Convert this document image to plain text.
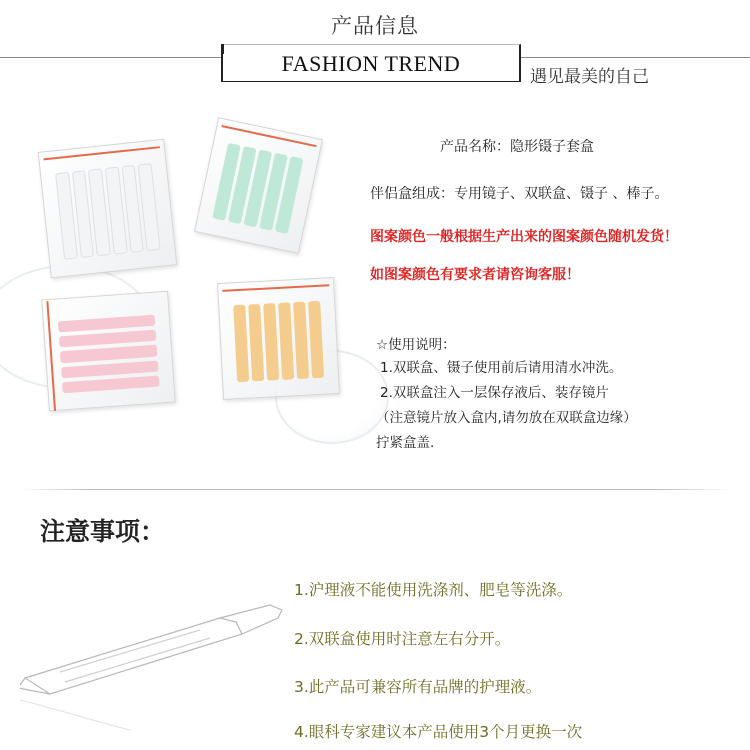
产品信息
FASHION TREND
遇见最美的自己
产品名称：隐形镊子套盒
伴侣盒组成：专用镜子、双联盒、镊子 、棒子。
图案颜色一般根据生产出来的图案颜色随机发货！
如图案颜色有要求者请咨询客服！
☆使用说明：
1.双联盒、镊子使用前后请用清水冲洗。
2.双联盒注入一层保存液后、装存镜片
（注意镜片放入盒内,请勿放在双联盒边缘）
拧紧盒盖.
注意事项：
1.沪理液不能使用洗涤剂、肥皂等洗涤。
2.双联盒使用时注意左右分开。
3.此产品可兼容所有品牌的护理液。
4.眼科专家建议本产品使用3个月更换一次
